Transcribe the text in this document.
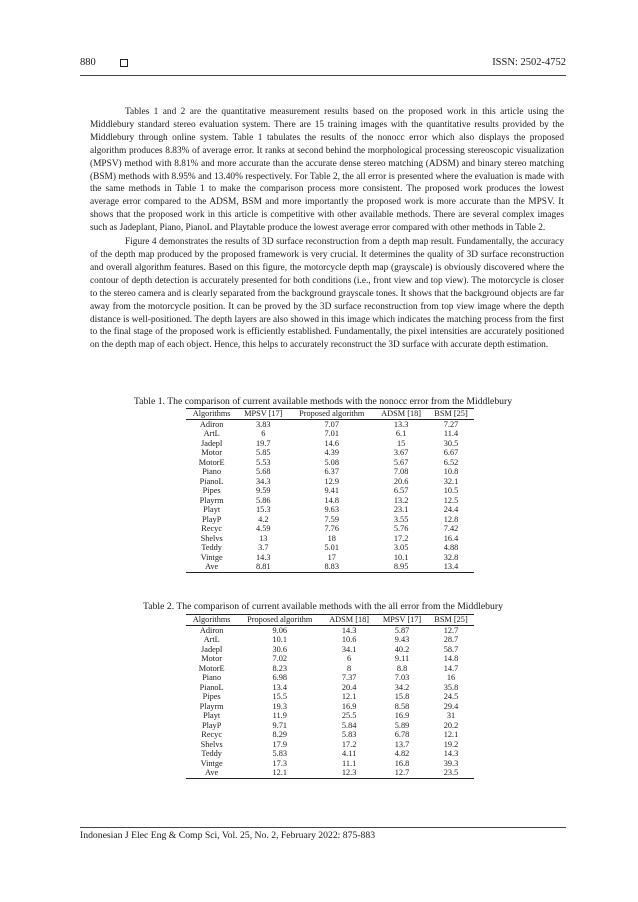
880	ISSN: 2502-4752

Tables 1 and 2 are the quantitative measurement results based on the proposed work in this article using the Middlebury standard stereo evaluation system. There are 15 training images with the quantitative results provided by the Middlebury through online system. Table 1 tabulates the results of the nonocc error which also displays the proposed algorithm produces 8.83% of average error. It ranks at second behind the morphological processing stereoscopic visualization (MPSV) method with 8.81% and more accurate than the accurate dense stereo matching (ADSM) and binary stereo matching (BSM) methods with 8.95% and 13.40% respectively. For Table 2, the all error is presented where the evaluation is made with the same methods in Table 1 to make the comparison process more consistent. The proposed work produces the lowest average error compared to the ADSM, BSM and more importantly the proposed work is more accurate than the MPSV. It shows that the proposed work in this article is competitive with other available methods. There are several complex images such as Jadeplant, Piano, PianoL and Playtable produce the lowest average error compared with other methods in Table 2.

Figure 4 demonstrates the results of 3D surface reconstruction from a depth map result. Fundamentally, the accuracy of the depth map produced by the proposed framework is very crucial. It determines the quality of 3D surface reconstruction and overall algorithm features. Based on this figure, the motorcycle depth map (grayscale) is obviously discovered where the contour of depth detection is accurately presented for both conditions (i.e., front view and top view). The motorcycle is closer to the stereo camera and is clearly separated from the background grayscale tones. It shows that the background objects are far away from the motorcycle position. It can be proved by the 3D surface reconstruction from top view image where the depth distance is well-positioned. The depth layers are also showed in this image which indicates the matching process from the first to the final stage of the proposed work is efficiently established. Fundamentally, the pixel intensities are accurately positioned on the depth map of each object. Hence, this helps to accurately reconstruct the 3D surface with accurate depth estimation.

Table 1. The comparison of current available methods with the nonocc error from the Middlebury
Algorithms	MPSV [17]	Proposed algorithm	ADSM [18]	BSM [25]
Adiron	3.83	7.07	13.3	7.27
ArtL	6	7.01	6.1	11.4
Jadepl	19.7	14.6	15	30.5
Motor	5.85	4.39	3.67	6.67
MotorE	5.53	5.08	5.67	6.52
Piano	5.68	6.37	7.08	10.8
PianoL	34.3	12.9	20.6	32.1
Pipes	9.59	9.41	6.57	10.5
Playrm	5.86	14.8	13.2	12.5
Playt	15.3	9.63	23.1	24.4
PlayP	4.2	7.59	3.55	12.8
Recyc	4.59	7.76	5.76	7.42
Shelvs	13	18	17.2	16.4
Teddy	3.7	5.01	3.05	4.88
Vintge	14.3	17	10.1	32.8
Ave	8.81	8.83	8.95	13.4
Table 2. The comparison of current available methods with the all error from the Middlebury
Algorithms	Proposed algorithm	ADSM [18]	MPSV [17]	BSM [25]
Adiron	9.06	14.3	5.87	12.7
ArtL	10.1	10.6	9.43	28.7
Jadepl	30.6	34.1	40.2	58.7
Motor	7.02	6	9.11	14.8
MotorE	8.23	8	8.8	14.7
Piano	6.98	7.37	7.03	16
PianoL	13.4	20.4	34.2	35.8
Pipes	15.5	12.1	15.8	24.5
Playrm	19.3	16.9	8.58	29.4
Playt	11.9	25.5	16.9	31
PlayP	9.71	5.84	5.89	20.2
Recyc	8.29	5.83	6.78	12.1
Shelvs	17.9	17.2	13.7	19.2
Teddy	5.83	4.11	4.82	14.3
Vintge	17.3	11.1	16.8	39.3
Ave	12.1	12.3	12.7	23.5
Indonesian J Elec Eng & Comp Sci, Vol. 25, No. 2, February 2022: 875-883
